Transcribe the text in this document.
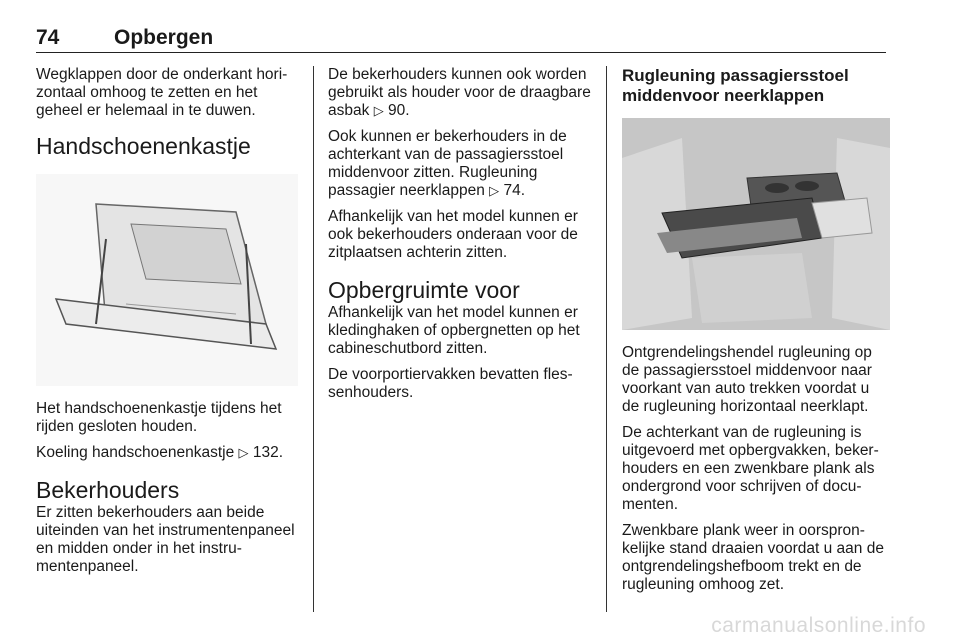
74	Opbergen

Wegklappen door de onderkant horizontaal omhoog te zetten en het geheel er helemaal in te duwen.

Handschoenenkastje

Het handschoenenkastje tijdens het rijden gesloten houden.

Koeling handschoenenkastje ▷ 132.

Bekerhouders

Er zitten bekerhouders aan beide uiteinden van het instrumentenpaneel en midden onder in het instrumentenpaneel.

De bekerhouders kunnen ook worden gebruikt als houder voor de draagbare asbak ▷ 90.

Ook kunnen er bekerhouders in de achterkant van de passagiersstoel middenvoor zitten. Rugleuning passagier neerklappen ▷ 74.

Afhankelijk van het model kunnen er ook bekerhouders onderaan voor de zitplaatsen achterin zitten.

Opbergruimte voor

Afhankelijk van het model kunnen er kledinghaken of opbergnetten op het cabineschutbord zitten.

De voorportiervakken bevatten flessenhouders.

Rugleuning passagiersstoel middenvoor neerklappen

Ontgrendelingshendel rugleuning op de passagiersstoel middenvoor naar voorkant van auto trekken voordat u de rugleuning horizontaal neerklapt.

De achterkant van de rugleuning is uitgevoerd met opbergvakken, bekerhouders en een zwenkbare plank als ondergrond voor schrijven of documenten.

Zwenkbare plank weer in oorspronkelijke stand draaien voordat u aan de ontgrendelingshefboom trekt en de rugleuning omhoog zet.

carmanualsonline.info
